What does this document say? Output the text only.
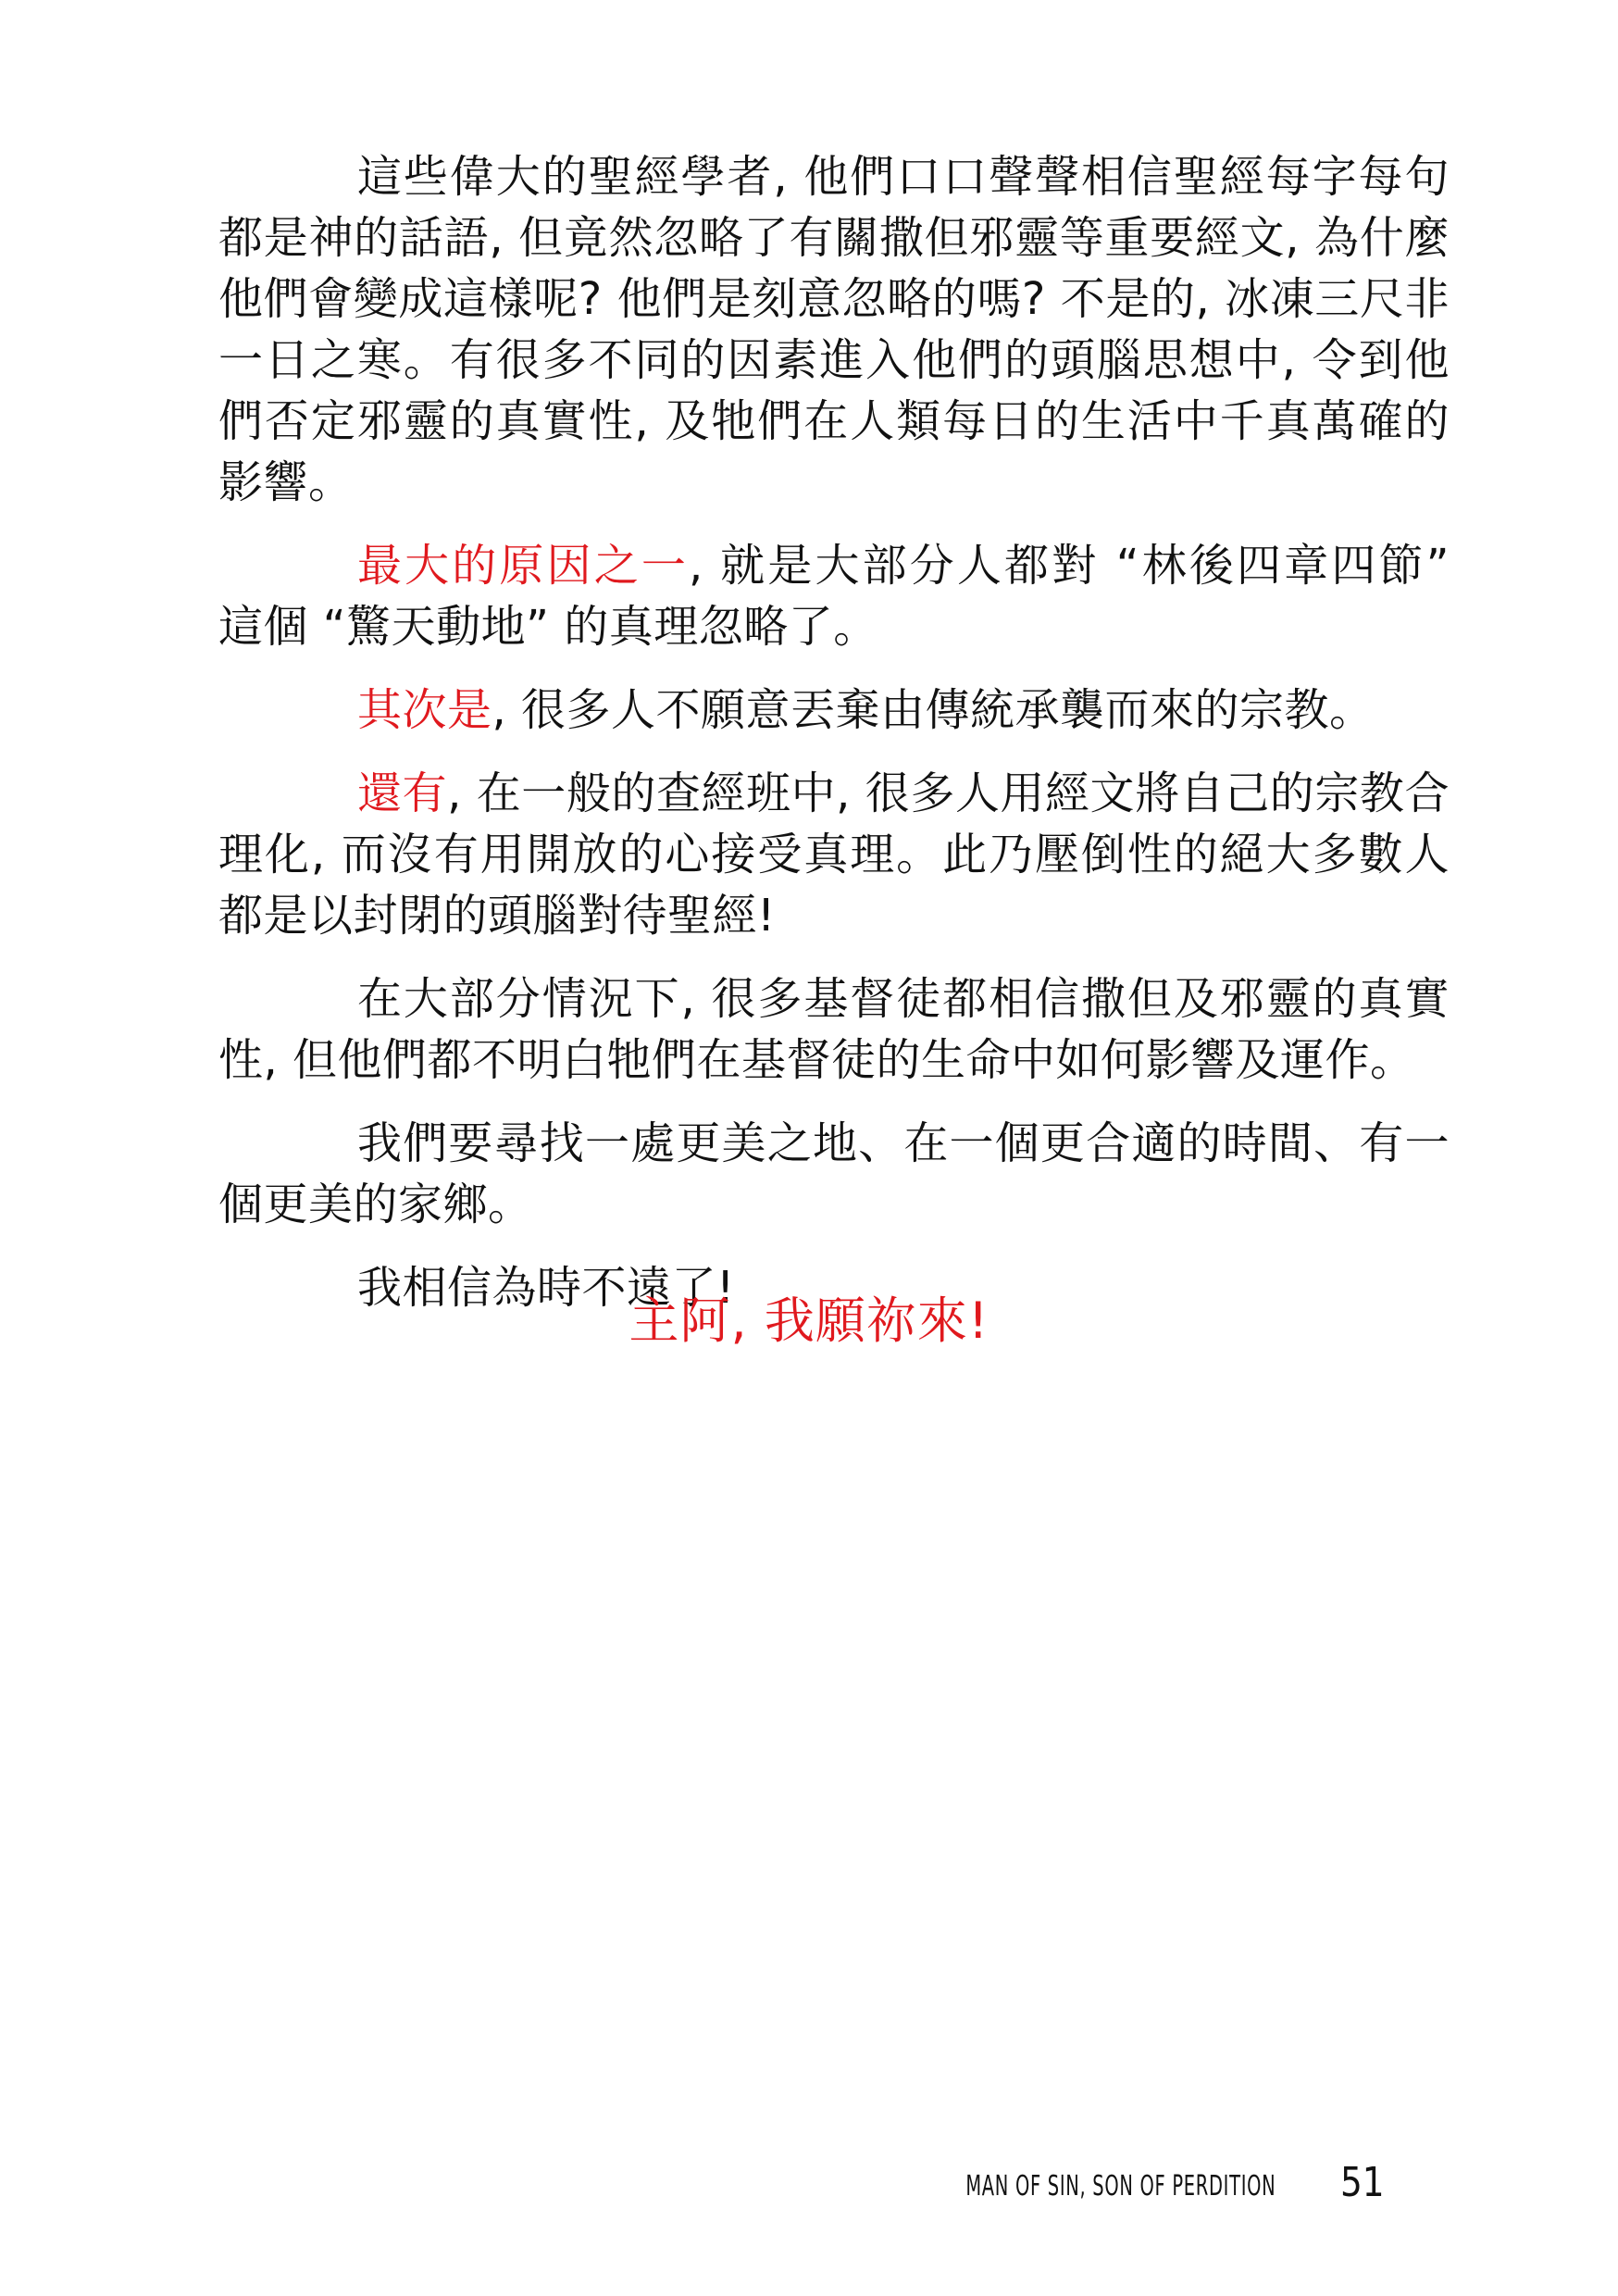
這些偉大的聖經學者, 他們口口聲聲相信聖經每字每句都是神的話語, 但竟然忽略了有關撒但邪靈等重要經文, 為什麼他們會變成這樣呢? 他們是刻意忽略的嗎? 不是的, 冰凍三尺非一日之寒。有很多不同的因素進入他們的頭腦思想中, 令到他們否定邪靈的真實性, 及牠們在人類每日的生活中千真萬確的影響。

最大的原因之一, 就是大部分人都對 “林後四章四節” 這個 “驚天動地” 的真理忽略了。

其次是, 很多人不願意丟棄由傳統承襲而來的宗教。

還有, 在一般的查經班中, 很多人用經文將自己的宗教合理化, 而沒有用開放的心接受真理。此乃壓倒性的絕大多數人都是以封閉的頭腦對待聖經!

在大部分情況下, 很多基督徒都相信撒但及邪靈的真實性, 但他們都不明白牠們在基督徒的生命中如何影響及運作。

我們要尋找一處更美之地、在一個更合適的時間、有一個更美的家鄉。

我相信為時不遠了!

主阿, 我願祢來!
MAN OF SIN, SON OF PERDITION 51
